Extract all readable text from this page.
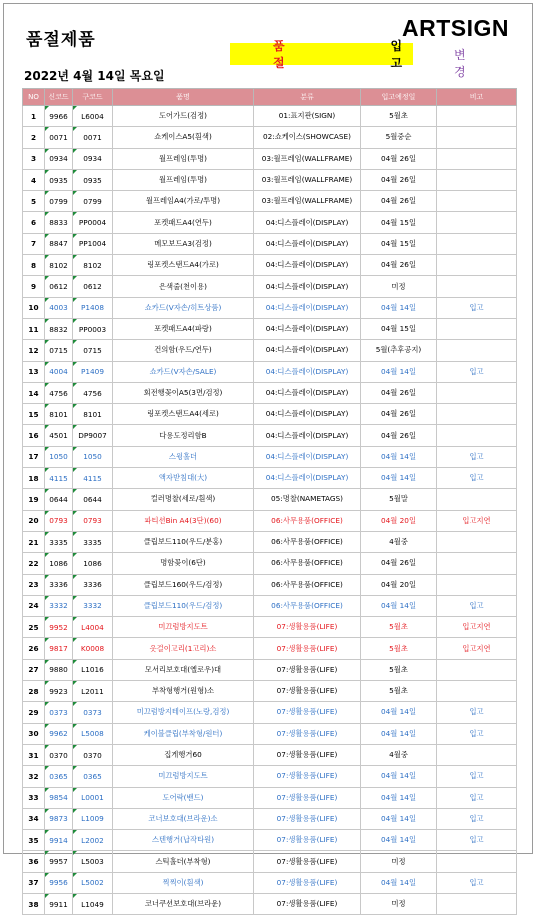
품절제품	ARTSIGN
품절
입고
변경
2022년 4월 14일 목요일
NO	신코드	구코드	품명	분류	입고예정일	비고
1	9966	L6004	도어가드(검정)	01:표지판(SIGN)	5월초	
2	0071	0071	쇼케이스A5(흰색)	02:쇼케이스(SHOWCASE)	5월중순	
3	0934	0934	월프레임(투명)	03:월프레임(WALLFRAME)	04월 26일	
4	0935	0935	월프레임(투명)	03:월프레임(WALLFRAME)	04월 26일	
5	0799	0799	월프레임A4(가로/투명)	03:월프레임(WALLFRAME)	04월 26일	
6	8833	PP0004	포켓패드A4(연두)	04:디스플레이(DISPLAY)	04월 15일	
7	8847	PP1004	메모보드A3(검정)	04:디스플레이(DISPLAY)	04월 15일	
8	8102	8102	링포켓스탠드A4(가로)	04:디스플레이(DISPLAY)	04월 26일	
9	0612	0612	은색줄(천이용)	04:디스플레이(DISPLAY)	미정	
10	4003	P1408	쇼카드(V자손/히트상품)	04:디스플레이(DISPLAY)	04월 14일	입고
11	8832	PP0003	포켓패드A4(파랑)	04:디스플레이(DISPLAY)	04월 15일	
12	0715	0715	건의함(우드/연두)	04:디스플레이(DISPLAY)	5월(추후공지)	
13	4004	P1409	쇼카드(V자손/SALE)	04:디스플레이(DISPLAY)	04월 14일	입고
14	4756	4756	회전행꽂이A5(3면/검정)	04:디스플레이(DISPLAY)	04월 26일	
15	8101	8101	링포켓스탠드A4(세로)	04:디스플레이(DISPLAY)	04월 26일	
16	4501	DP9007	다용도정리함B	04:디스플레이(DISPLAY)	04월 26일	
17	1050	1050	스윙홀더	04:디스플레이(DISPLAY)	04월 14일	입고
18	4115	4115	액자받침대(大)	04:디스플레이(DISPLAY)	04월 14일	입고
19	0644	0644	컬러명찰(세로/흰색)	05:명찰(NAMETAGS)	5월말	
20	0793	0793	파티션Bin A4(3단)(60)	06:사무용품(OFFICE)	04월 20일	입고지연
21	3335	3335	클립보드110(우드/분홍)	06:사무용품(OFFICE)	4월중	
22	1086	1086	명함꽂이(6단)	06:사무용품(OFFICE)	04월 26일	
23	3336	3336	클립보드160(우드/검정)	06:사무용품(OFFICE)	04월 20일	
24	3332	3332	클립보드110(우드/검정)	06:사무용품(OFFICE)	04월 14일	입고
25	9952	L4004	미끄럼방지도트	07:생활용품(LIFE)	5월초	입고지연
26	9817	K0008	옷걸이고리(1고리)소	07:생활용품(LIFE)	5월초	입고지연
27	9880	L1016	모서리보호대(옐로우)대	07:생활용품(LIFE)	5월초	
28	9923	L2011	부착형행거(원형)소	07:생활용품(LIFE)	5월초	
29	0373	0373	미끄럼방지테이프(노랑,검정)	07:생활용품(LIFE)	04월 14일	입고
30	9962	L5008	케이블클립(부착형/원터)	07:생활용품(LIFE)	04월 14일	입고
31	0370	0370	집게행거60	07:생활용품(LIFE)	4월중	
32	0365	0365	미끄럼방지도트	07:생활용품(LIFE)	04월 14일	입고
33	9854	L0001	도어락(밴드)	07:생활용품(LIFE)	04월 14일	입고
34	9873	L1009	코너보호대(브라운)소	07:생활용품(LIFE)	04월 14일	입고
35	9914	L2002	스텐행거(납작타원)	07:생활용품(LIFE)	04월 14일	입고
36	9957	L5003	스틱홀더(부착형)	07:생활용품(LIFE)	미정	
37	9956	L5002	찍찍이(흰색)	07:생활용품(LIFE)	04월 14일	입고
38	9911	L1049	코너쿠션보호대(브라운)	07:생활용품(LIFE)	미정	
